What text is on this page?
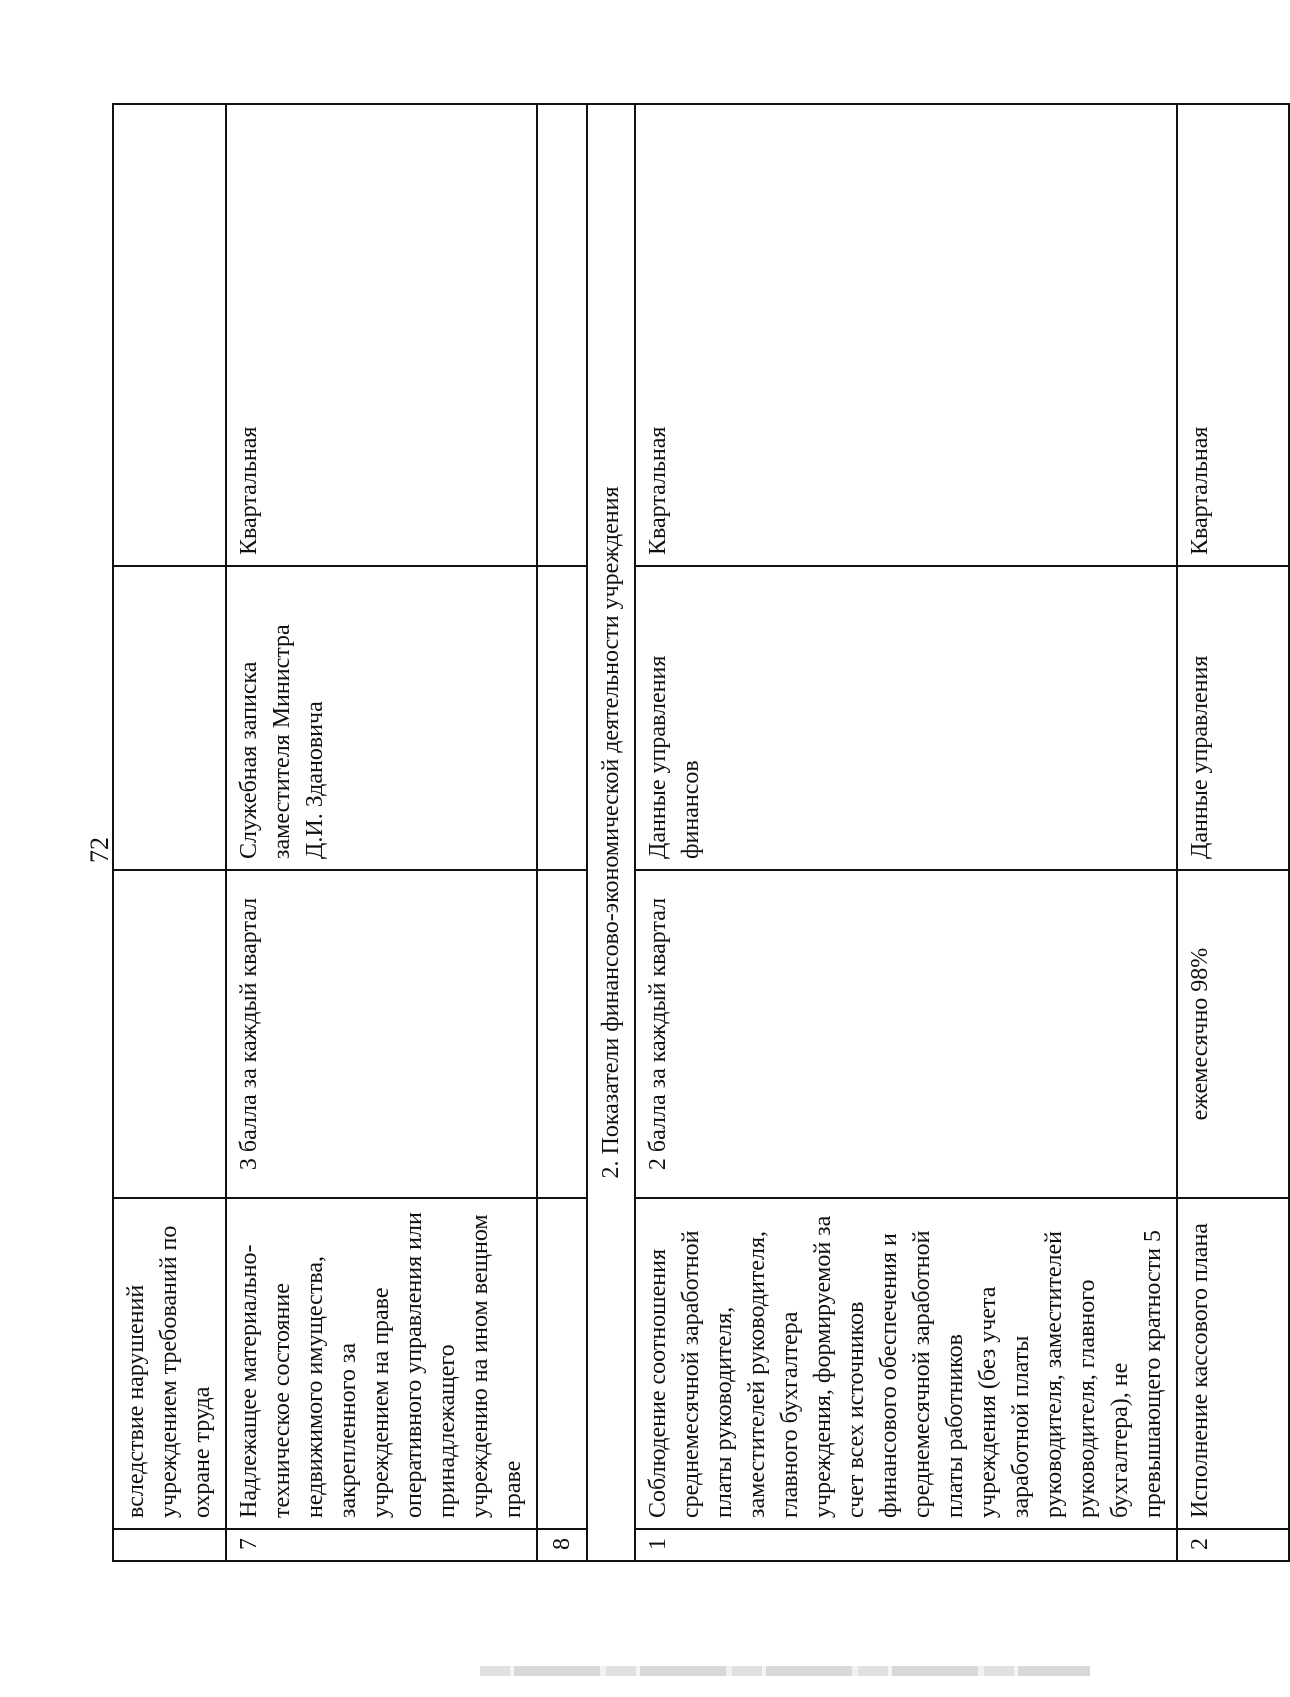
72
	вследствие нарушений учреждением требований по охране труда			
7	Надлежащее материально-техническое состояние недвижимого имущества, закрепленного за учреждением на праве оперативного управления или принадлежащего учреждению на ином вещном праве	3 балла за каждый квартал	Служебная записка заместителя Министра Д.И. Здановича	Квартальная
8				
2. Показатели финансово-экономической деятельности учреждения				
1	Соблюдение соотношения среднемесячной заработной платы руководителя, заместителей руководителя, главного бухгалтера учреждения, формируемой за счет всех источников финансового обеспечения и среднемесячной заработной платы работников учреждения (без учета заработной платы руководителя, заместителей руководителя, главного бухгалтера), не превышающего кратности 5	2 балла за каждый квартал	Данные управления финансов	Квартальная
2	Исполнение кассового плана	ежемесячно 98%	Данные управления	Квартальная
